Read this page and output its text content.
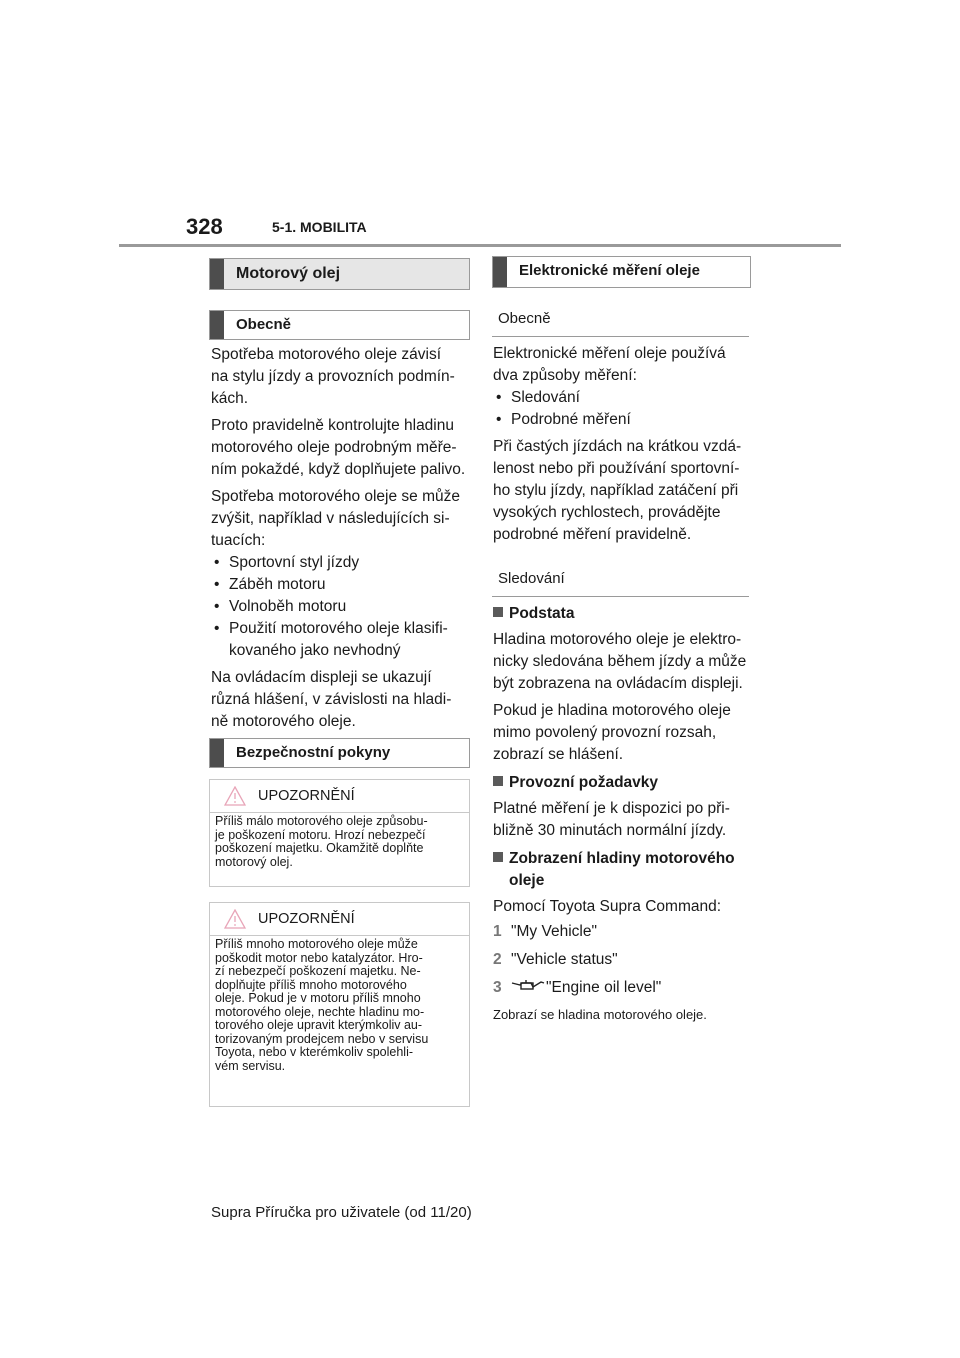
328	5-1. MOBILITA
Motorový olej
Obecně
Spotřeba motorového oleje závisí
na stylu jízdy a provozních podmín-
kách.
Proto pravidelně kontrolujte hladinu
motorového oleje podrobným měře-
ním pokaždé, když doplňujete palivo.
Spotřeba motorového oleje se může
zvýšit, například v následujících si-
tuacích:
• Sportovní styl jízdy
• Záběh motoru
• Volnoběh motoru
• Použití motorového oleje klasifi-
kovaného jako nevhodný
Na ovládacím displeji se ukazují
různá hlášení, v závislosti na hladi-
ně motorového oleje.
Bezpečnostní pokyny
UPOZORNĚNÍ
Příliš málo motorového oleje způsobu-
je poškození motoru. Hrozí nebezpečí
poškození majetku. Okamžitě doplňte
motorový olej.
UPOZORNĚNÍ
Příliš mnoho motorového oleje může
poškodit motor nebo katalyzátor. Hro-
zí nebezpečí poškození majetku. Ne-
doplňujte příliš mnoho motorového
oleje. Pokud je v motoru příliš mnoho
motorového oleje, nechte hladinu mo-
torového oleje upravit kterýmkoliv au-
torizovaným prodejcem nebo v servisu
Toyota, nebo v kterémkoliv spolehli-
vém servisu.
Elektronické měření oleje
Obecně
Elektronické měření oleje používá
dva způsoby měření:
• Sledování
• Podrobné měření
Při častých jízdách na krátkou vzdá-
lenost nebo při používání sportovní-
ho stylu jízdy, například zatáčení při
vysokých rychlostech, provádějte
podrobné měření pravidelně.
Sledování
Podstata
Hladina motorového oleje je elektro-
nicky sledována během jízdy a může
být zobrazena na ovládacím displeji.
Pokud je hladina motorového oleje
mimo povolený provozní rozsah,
zobrazí se hlášení.
Provozní požadavky
Platné měření je k dispozici po při-
bližně 30 minutách normální jízdy.
Zobrazení hladiny motorového
oleje
Pomocí Toyota Supra Command:
1 "My Vehicle"
2 "Vehicle status"
3	"Engine oil level"
Zobrazí se hladina motorového oleje.
Supra Příručka pro uživatele (od 11/20)
